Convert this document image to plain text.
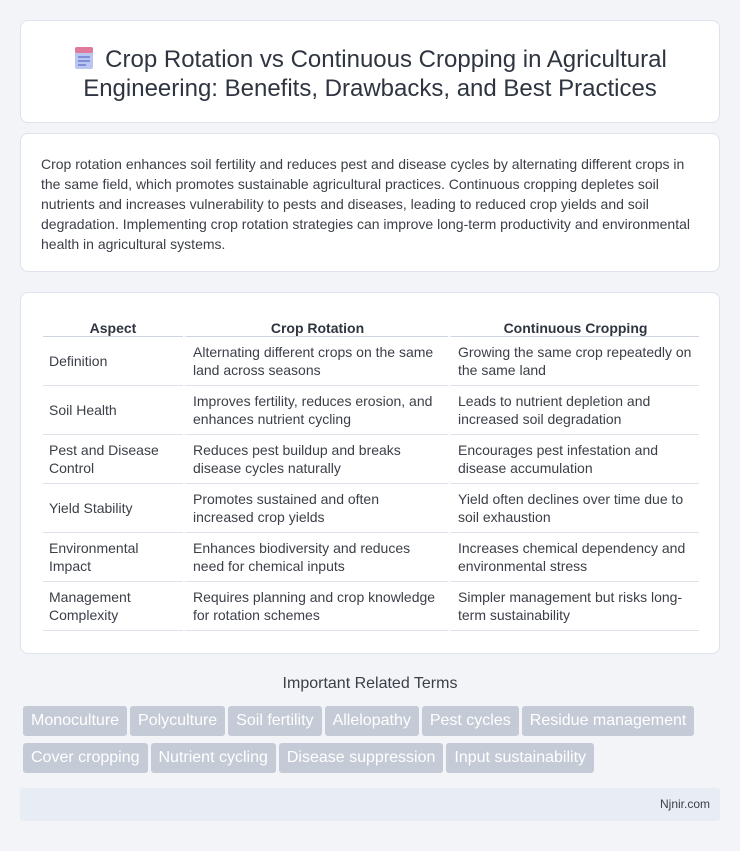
Crop Rotation vs Continuous Cropping in Agricultural Engineering: Benefits, Drawbacks, and Best Practices

Crop rotation enhances soil fertility and reduces pest and disease cycles by alternating different crops in the same field, which promotes sustainable agricultural practices. Continuous cropping depletes soil nutrients and increases vulnerability to pests and diseases, leading to reduced crop yields and soil degradation. Implementing crop rotation strategies can improve long-term productivity and environmental health in agricultural systems.

Aspect	Crop Rotation	Continuous Cropping
Definition	Alternating different crops on the same land across seasons	Growing the same crop repeatedly on the same land
Soil Health	Improves fertility, reduces erosion, and enhances nutrient cycling	Leads to nutrient depletion and increased soil degradation
Pest and Disease Control	Reduces pest buildup and breaks disease cycles naturally	Encourages pest infestation and disease accumulation
Yield Stability	Promotes sustained and often increased crop yields	Yield often declines over time due to soil exhaustion
Environmental Impact	Enhances biodiversity and reduces need for chemical inputs	Increases chemical dependency and environmental stress
Management Complexity	Requires planning and crop knowledge for rotation schemes	Simpler management but risks long-term sustainability
Important Related Terms
Monoculture Polyculture Soil fertility Allelopathy Pest cycles Residue management
Cover cropping Nutrient cycling Disease suppression Input sustainability
Njnir.com
